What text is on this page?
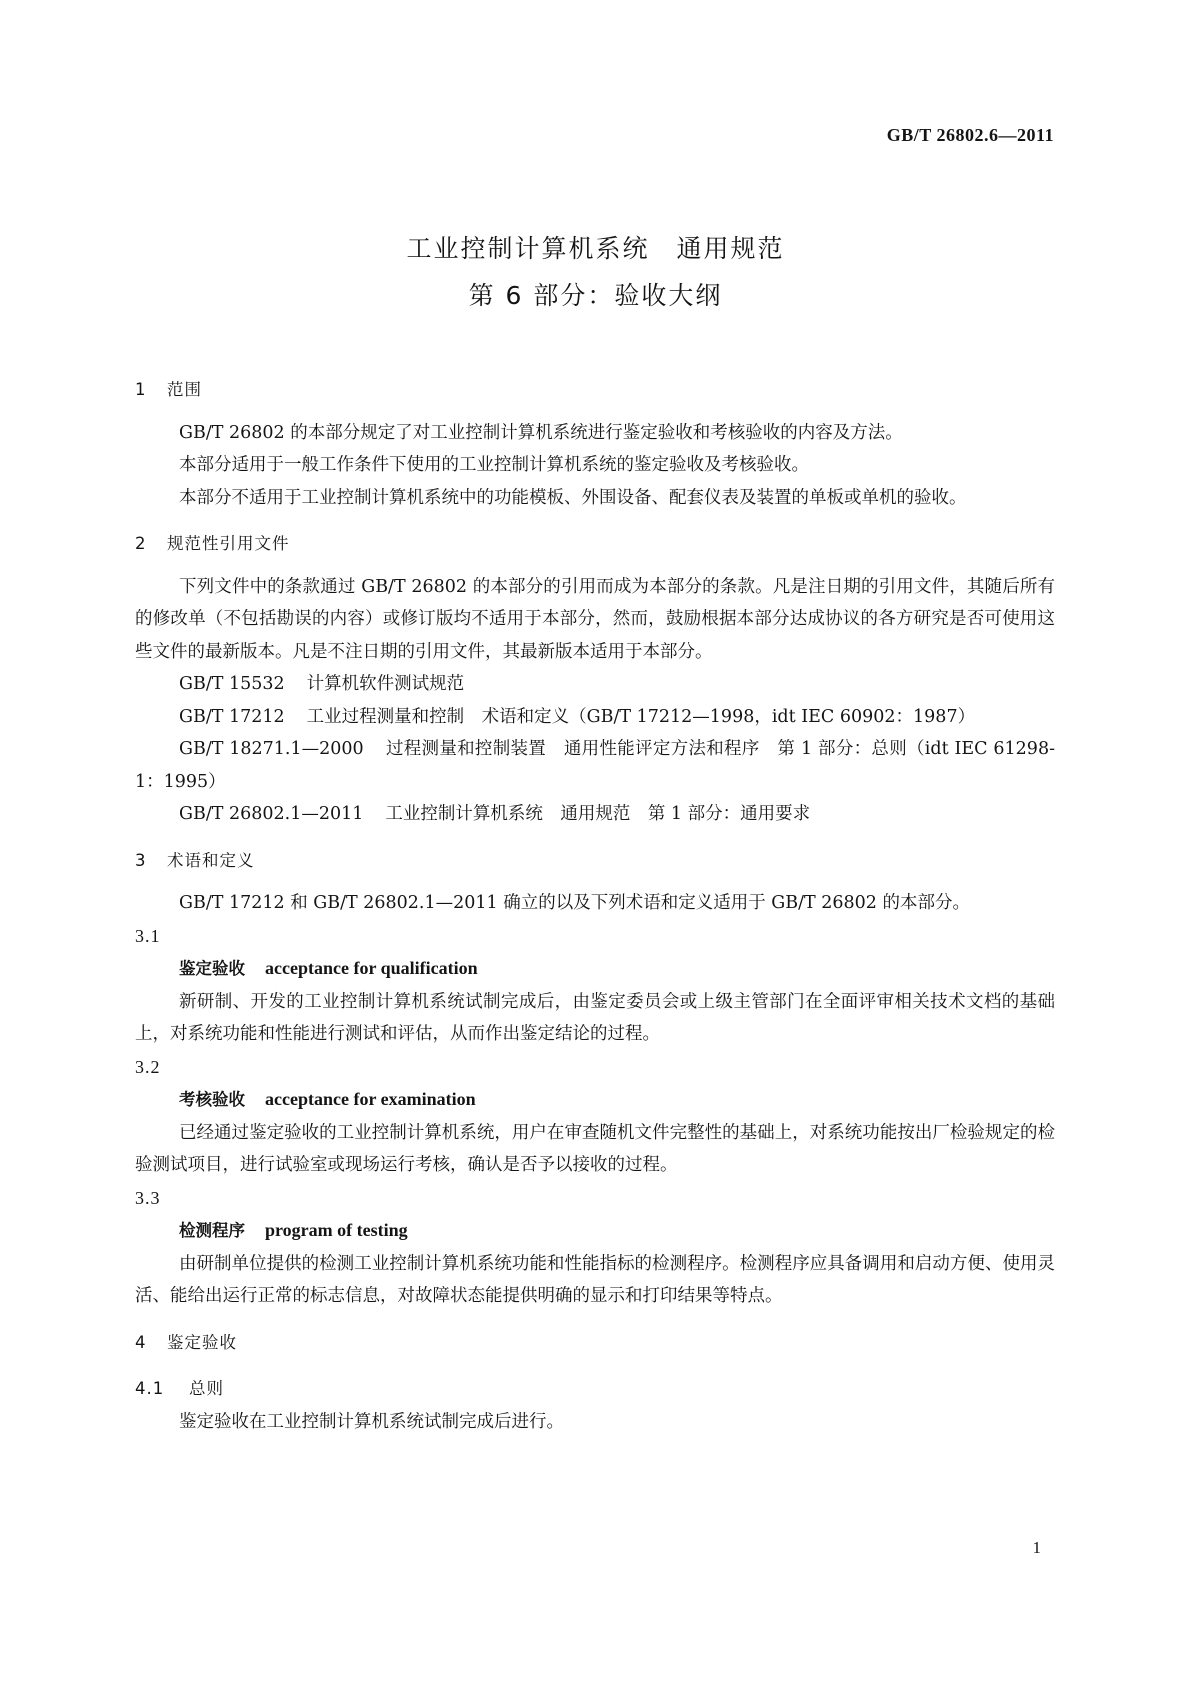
GB/T 26802.6—2011
工业控制计算机系统　通用规范
第 6 部分：验收大纲
1 范围

GB/T 26802 的本部分规定了对工业控制计算机系统进行鉴定验收和考核验收的内容及方法。

本部分适用于一般工作条件下使用的工业控制计算机系统的鉴定验收及考核验收。

本部分不适用于工业控制计算机系统中的功能模板、外围设备、配套仪表及装置的单板或单机的验收。

2 规范性引用文件

下列文件中的条款通过 GB/T 26802 的本部分的引用而成为本部分的条款。凡是注日期的引用文件，其随后所有的修改单（不包括勘误的内容）或修订版均不适用于本部分，然而，鼓励根据本部分达成协议的各方研究是否可使用这些文件的最新版本。凡是不注日期的引用文件，其最新版本适用于本部分。

GB/T 15532 计算机软件测试规范

GB/T 17212 工业过程测量和控制　术语和定义（GB/T 17212—1998，idt IEC 60902：1987）

GB/T 18271.1—2000 过程测量和控制装置　通用性能评定方法和程序　第 1 部分：总则（idt IEC 61298-1：1995）

GB/T 26802.1—2011 工业控制计算机系统　通用规范　第 1 部分：通用要求

3 术语和定义

GB/T 17212 和 GB/T 26802.1—2011 确立的以及下列术语和定义适用于 GB/T 26802 的本部分。

3.1

鉴定验收 acceptance for qualification

新研制、开发的工业控制计算机系统试制完成后，由鉴定委员会或上级主管部门在全面评审相关技术文档的基础上，对系统功能和性能进行测试和评估，从而作出鉴定结论的过程。

3.2

考核验收 acceptance for examination

已经通过鉴定验收的工业控制计算机系统，用户在审查随机文件完整性的基础上，对系统功能按出厂检验规定的检验测试项目，进行试验室或现场运行考核，确认是否予以接收的过程。

3.3

检测程序 program of testing

由研制单位提供的检测工业控制计算机系统功能和性能指标的检测程序。检测程序应具备调用和启动方便、使用灵活、能给出运行正常的标志信息，对故障状态能提供明确的显示和打印结果等特点。

4 鉴定验收
4.1 总则

鉴定验收在工业控制计算机系统试制完成后进行。

1
